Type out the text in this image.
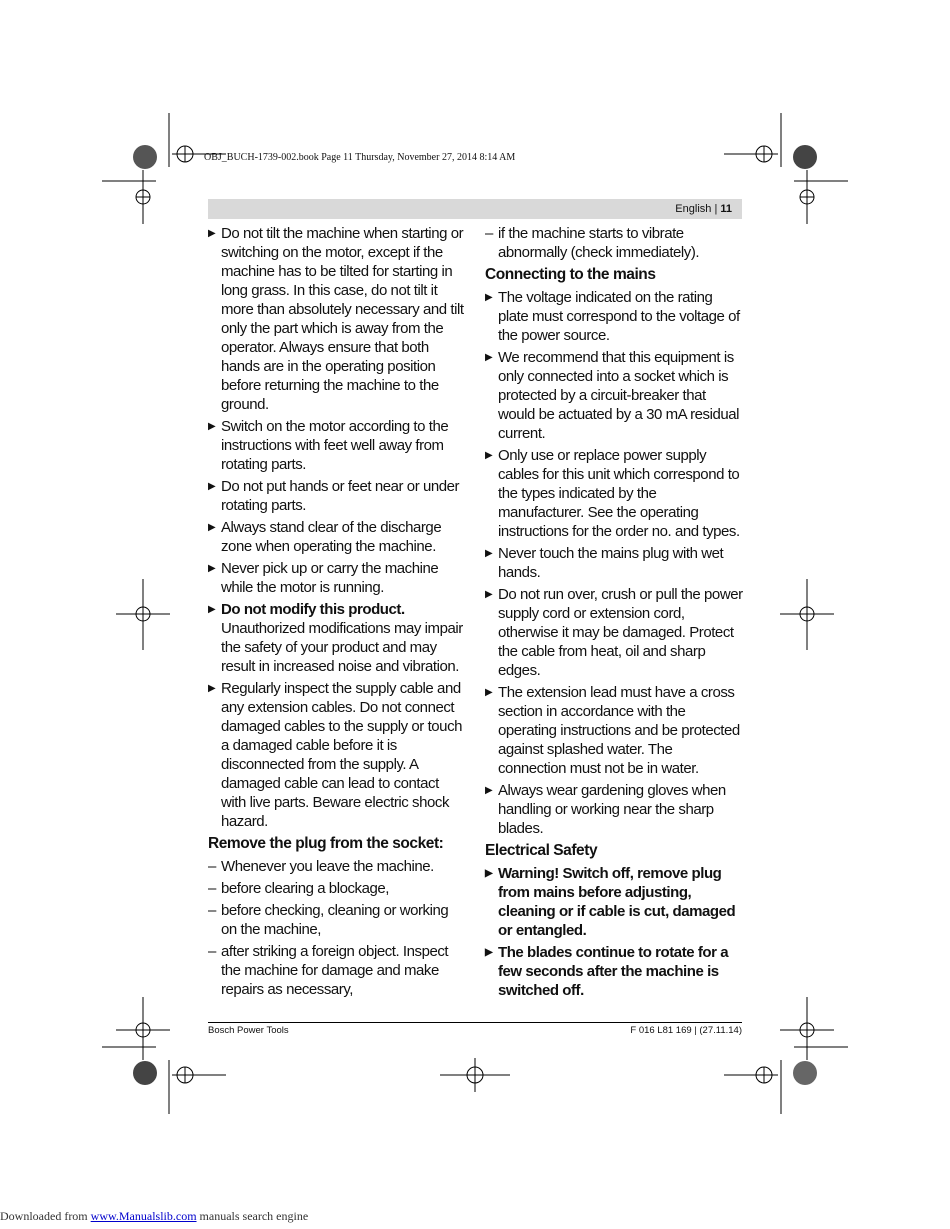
OBJ_BUCH-1739-002.book Page 11 Thursday, November 27, 2014 8:14 AM
English | 11
▶ Do not tilt the machine when starting or switching on the motor, except if the machine has to be tilted for starting in long grass. In this case, do not tilt it more than absolutely necessary and tilt only the part which is away from the operator. Always ensure that both hands are in the operating position before returning the machine to the ground.
▶ Switch on the motor according to the instructions with feet well away from rotating parts.
▶ Do not put hands or feet near or under rotating parts.
▶ Always stand clear of the discharge zone when operating the machine.
▶ Never pick up or carry the machine while the motor is running.
▶ Do not modify this product. Unauthorized modifications may impair the safety of your product and may result in increased noise and vibration.
▶ Regularly inspect the supply cable and any extension cables. Do not connect damaged cables to the supply or touch a damaged cable before it is disconnected from the supply. A damaged cable can lead to contact with live parts. Beware electric shock hazard.
Remove the plug from the socket:
– Whenever you leave the machine.
– before clearing a blockage,
– before checking, cleaning or working on the machine,
– after striking a foreign object. Inspect the machine for damage and make repairs as necessary,
– if the machine starts to vibrate abnormally (check immediately).
Connecting to the mains
▶ The voltage indicated on the rating plate must correspond to the voltage of the power source.
▶ We recommend that this equipment is only connected into a socket which is protected by a circuit-breaker that would be actuated by a 30 mA residual current.
▶ Only use or replace power supply cables for this unit which correspond to the types indicated by the manufacturer. See the operating instructions for the order no. and types.
▶ Never touch the mains plug with wet hands.
▶ Do not run over, crush or pull the power supply cord or extension cord, otherwise it may be damaged. Protect the cable from heat, oil and sharp edges.
▶ The extension lead must have a cross section in accordance with the operating instructions and be protected against splashed water. The connection must not be in water.
▶ Always wear gardening gloves when handling or working near the sharp blades.
Electrical Safety
▶ Warning! Switch off, remove plug from mains before adjusting, cleaning or if cable is cut, damaged or entangled.
▶ The blades continue to rotate for a few seconds after the machine is switched off.
Bosch Power Tools	F 016 L81 169 | (27.11.14)
Downloaded from www.Manualslib.com manuals search engine
